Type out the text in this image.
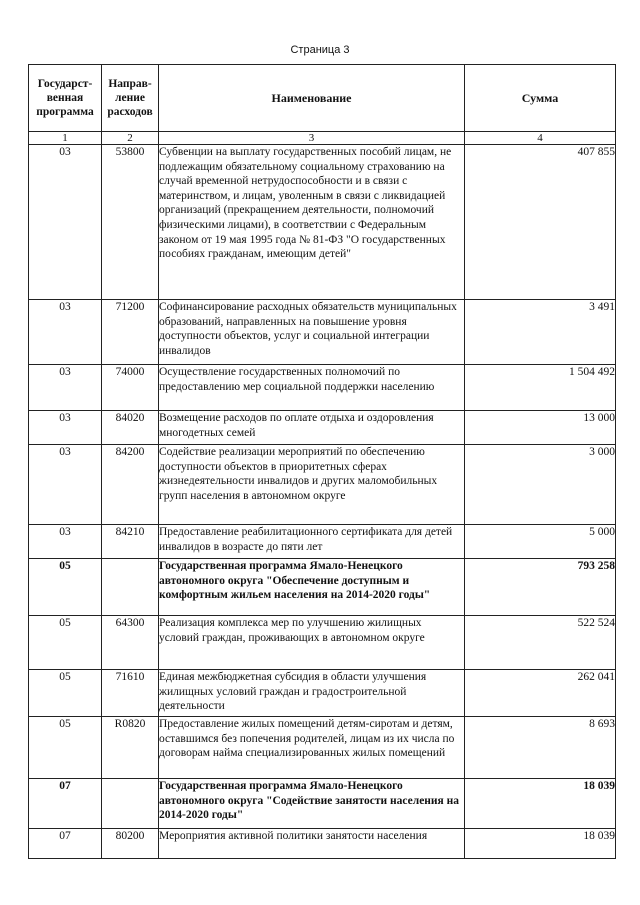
Страница 3
Государст-венная программа	Направ-ление расходов	Наименование	Сумма
1	2	3	4
03	53800	Субвенции на выплату государственных пособий лицам, не подлежащим обязательному социальному страхованию на случай временной нетрудоспособности и в связи с материнством, и лицам, уволенным в связи с ликвидацией организаций (прекращением деятельности, полномочий физическими лицами), в соответствии с Федеральным законом от 19 мая 1995 года № 81-ФЗ "О государственных пособиях гражданам, имеющим детей"	407 855
03	71200	Софинансирование расходных обязательств муниципальных образований, направленных на повышение уровня доступности объектов, услуг и социальной интеграции инвалидов	3 491
03	74000	Осуществление государственных полномочий по предоставлению мер социальной поддержки населению	1 504 492
03	84020	Возмещение расходов по оплате отдыха и оздоровления многодетных семей	13 000
03	84200	Содействие реализации мероприятий по обеспечению доступности объектов в приоритетных сферах жизнедеятельности инвалидов и других маломобильных групп населения в автономном округе	3 000
03	84210	Предоставление реабилитационного сертификата для детей инвалидов в возрасте до пяти лет	5 000
05		Государственная программа Ямало-Ненецкого автономного округа "Обеспечение доступным и комфортным жильем населения на 2014-2020 годы"	793 258
05	64300	Реализация комплекса мер по улучшению жилищных условий граждан, проживающих в автономном округе	522 524
05	71610	Единая межбюджетная субсидия в области улучшения жилищных условий граждан и градостроительной деятельности	262 041
05	R0820	Предоставление жилых помещений детям-сиротам и детям, оставшимся без попечения родителей, лицам из их числа по договорам найма специализированных жилых помещений	8 693
07		Государственная программа Ямало-Ненецкого автономного округа "Содействие занятости населения на 2014-2020 годы"	18 039
07	80200	Мероприятия активной политики занятости населения	18 039
